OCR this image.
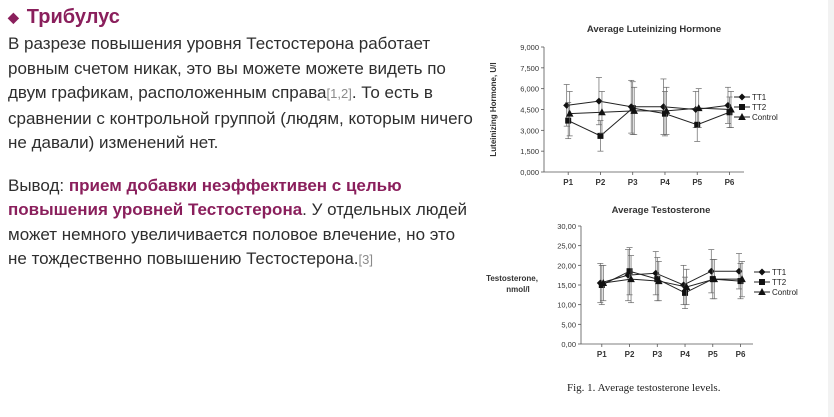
◆ Трибулус

В разрезе повышения уровня Тестостерона работает ровным счетом никак, это вы можете можете видеть по двум графикам, расположенным справа[1,2]. То есть в сравнении с контрольной группой (людям, которым ничего не давали) изменений нет.

Вывод: прием добавки неэффективен с целью повышения уровней Тестостерона. У отдельных людей может немного увеличивается половое влечение, но это не тождественно повышению Тестостерона.[3]

Average Luteinizing Hormone
0,000
1,500
3,000
4,500
6,000
7,500
9,000
P1	P2	P3	P4	P5	P6
Luteinizing Hormone, U/l	TT1
TT2
Control
Average Testosterone
0,00
5,00
10,00
15,00
20,00
25,00
30,00
P1 P2 P3 P4 P5 P6
Testosterone,
nmol/l
TT1
TT2
Control
Fig. 1. Average testosterone levels.
